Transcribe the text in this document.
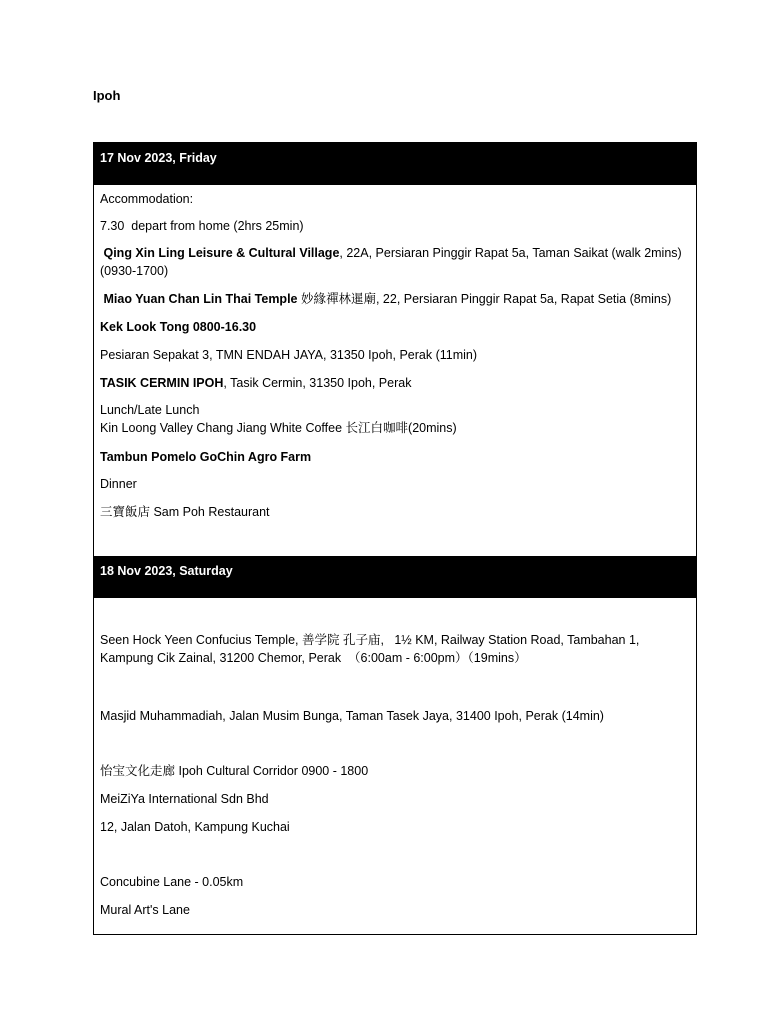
Ipoh
17 Nov 2023, Friday
Accommodation:
7.30  depart from home (2hrs 25min)
Qing Xin Ling Leisure & Cultural Village, 22A, Persiaran Pinggir Rapat 5a, Taman Saikat (walk 2mins) (0930-1700)
Miao Yuan Chan Lin Thai Temple 妙緣禪林暹廟, 22, Persiaran Pinggir Rapat 5a, Rapat Setia (8mins)
Kek Look Tong 0800-16.30
Pesiaran Sepakat 3, TMN ENDAH JAYA, 31350 Ipoh, Perak (11min)
TASIK CERMIN IPOH, Tasik Cermin, 31350 Ipoh, Perak
Lunch/Late Lunch
Kin Loong Valley Chang Jiang White Coffee 长江白咖啡(20mins)
Tambun Pomelo GoChin Agro Farm
Dinner
三寶飯店 Sam Poh Restaurant
18 Nov 2023, Saturday
Seen Hock Yeen Confucius Temple, 善学院 孔子庙,   1½ KM, Railway Station Road, Tambahan 1, Kampung Cik Zainal, 31200 Chemor, Perak  （6:00am - 6:00pm）（19mins）
Masjid Muhammadiah, Jalan Musim Bunga, Taman Tasek Jaya, 31400 Ipoh, Perak (14min)
怡宝文化走廊 Ipoh Cultural Corridor 0900 - 1800
MeiZiYa International Sdn Bhd
12, Jalan Datoh, Kampung Kuchai
Concubine Lane - 0.05km
Mural Art's Lane
